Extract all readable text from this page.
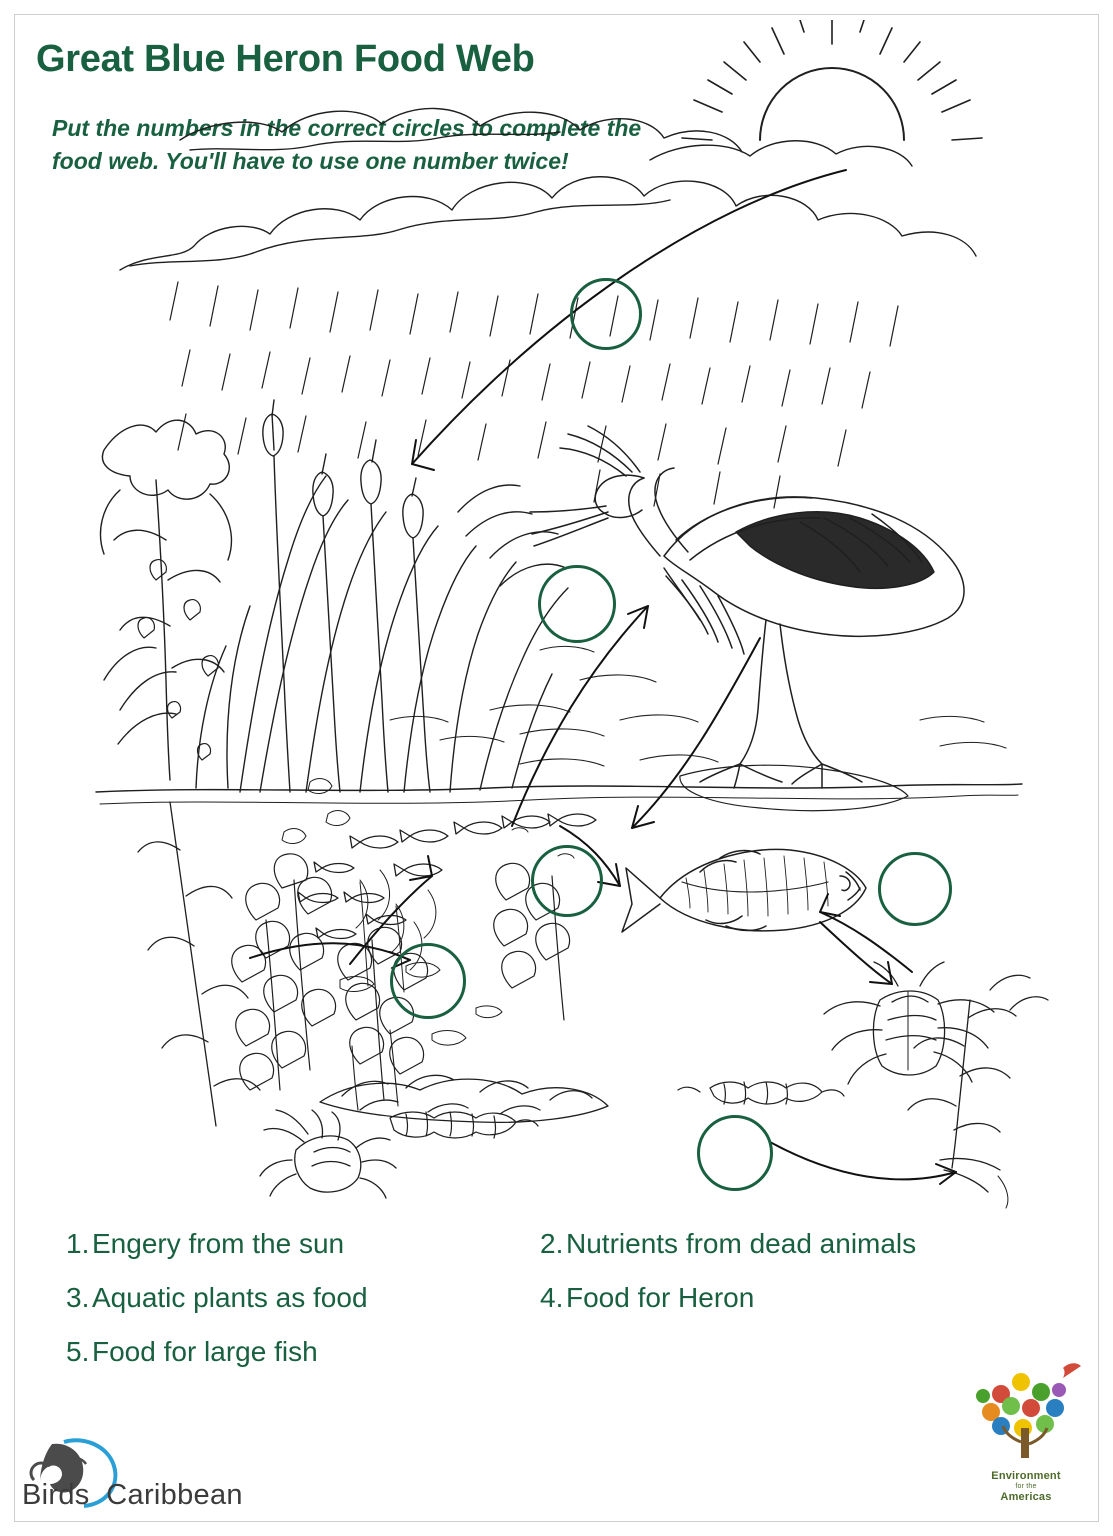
Great Blue Heron Food Web
Put the numbers in the correct circles to complete the food web. You'll have to use one number twice!
1.Engery from the sun
3.Aquatic plants as food
5.Food for large fish
2.Nutrients from dead animals
4.Food for Heron
Birds Caribbean
Environment
for the
Americas
